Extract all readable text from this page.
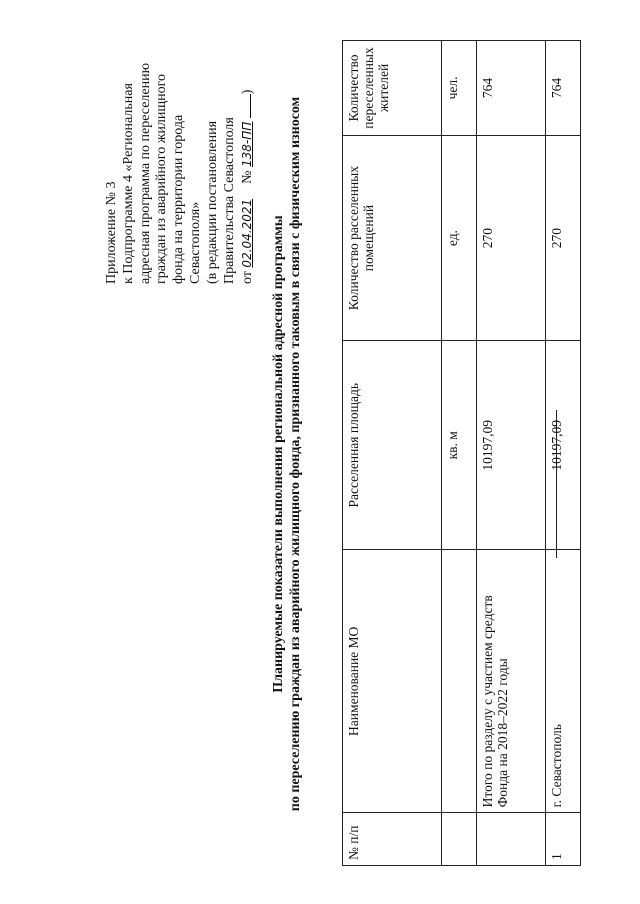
Приложение № 3 к Подпрограмме 4 «Региональная адресная программа по переселению граждан из аварийного жилищного фонда на территории города Севастополя» (в редакции постановления Правительства Севастополя от 02.04.2021  № 138-ПП )
Планируемые показатели выполнения региональной адресной программы по переселению граждан из аварийного жилищного фонда, признанного таковым в связи с физическим износом
№ п/п	Наименование МО	Расселенная площадь	Количество расселенных помещений	Количество переселенных жителей
		кв. м	ед.	чел.
	Итого по разделу с участием средств Фонда на 2018–2022 годы	10197,09	270	764
1	г. Севастополь	10197,09	270	764
